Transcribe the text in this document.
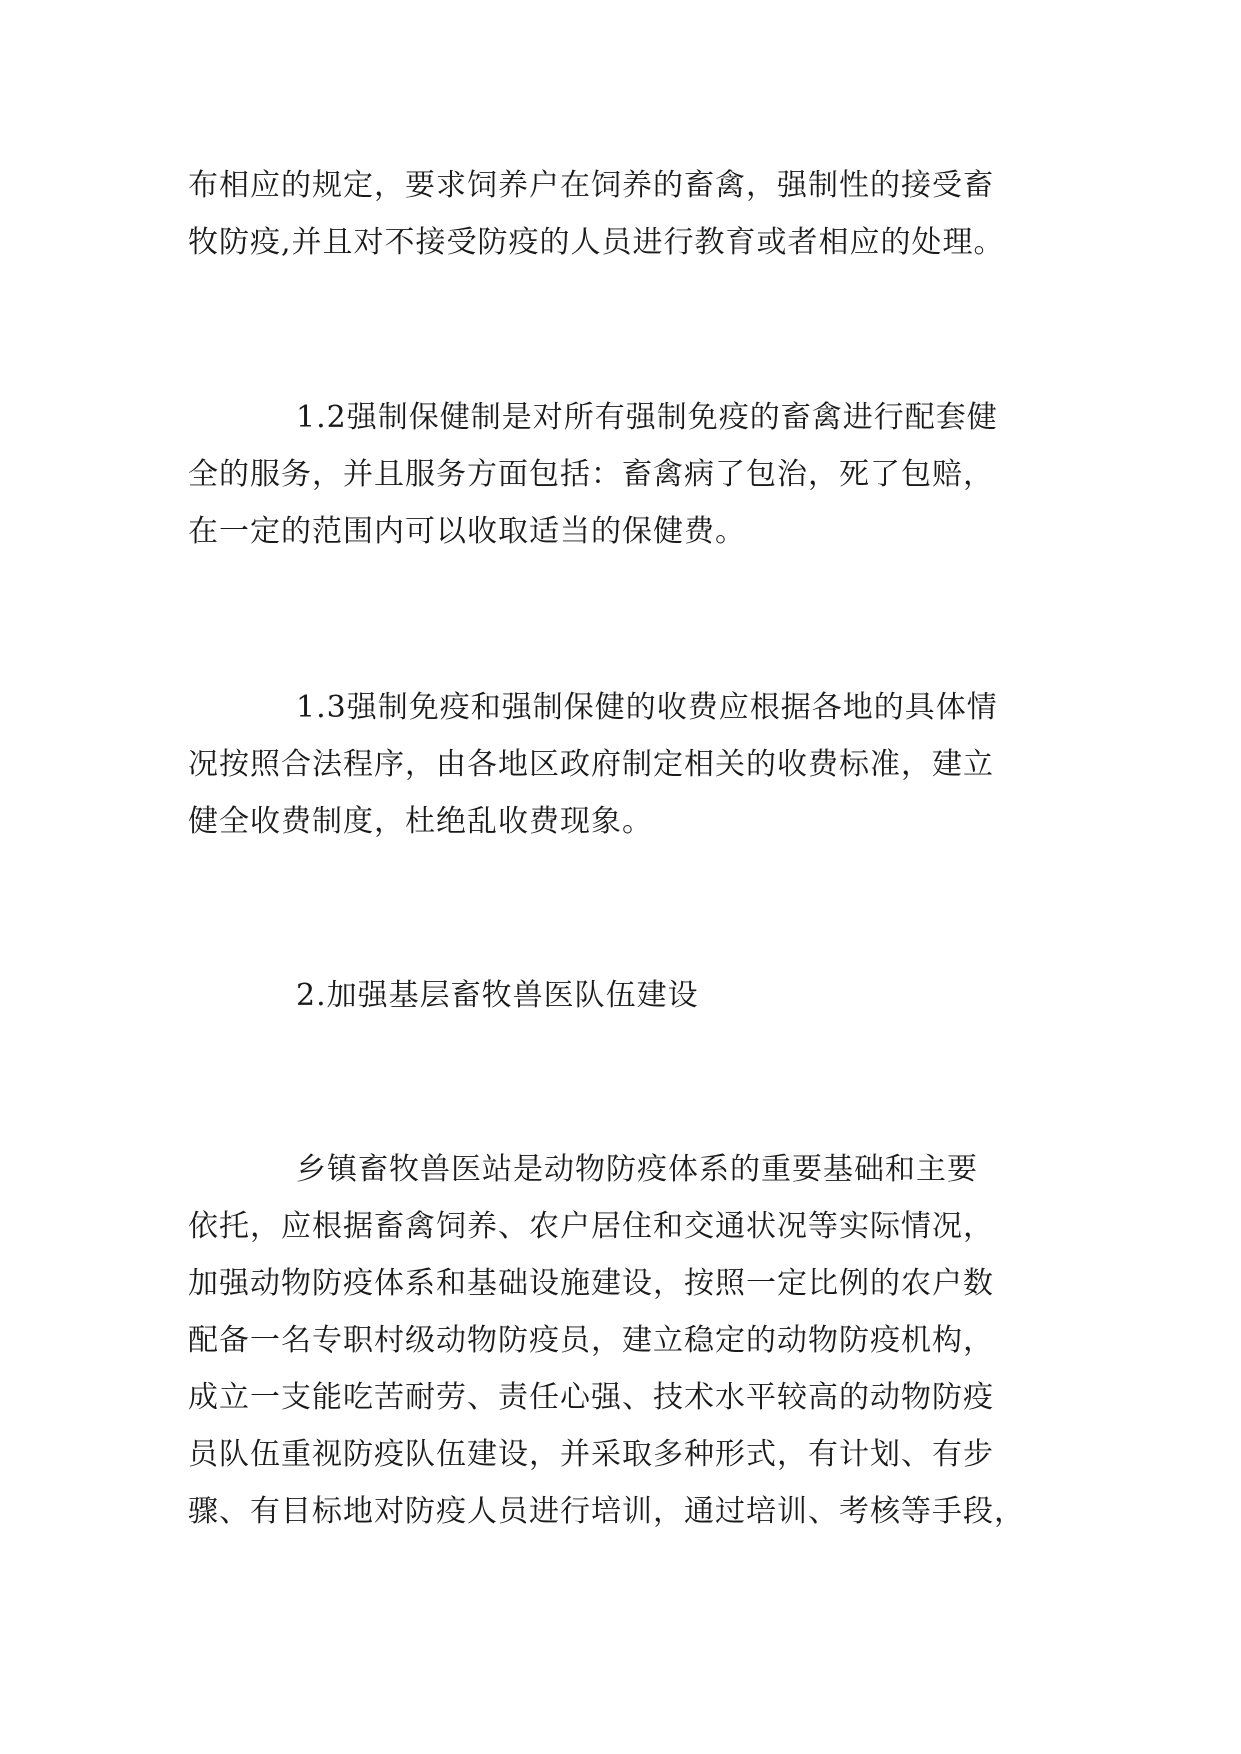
布相应的规定，要求饲养户在饲养的畜禽，强制性的接受畜
牧防疫,并且对不接受防疫的人员进行教育或者相应的处理。
1.2强制保健制是对所有强制免疫的畜禽进行配套健
全的服务，并且服务方面包括：畜禽病了包治，死了包赔，
在一定的范围内可以收取适当的保健费。
1.3强制免疫和强制保健的收费应根据各地的具体情
况按照合法程序，由各地区政府制定相关的收费标准，建立
健全收费制度，杜绝乱收费现象。
2.加强基层畜牧兽医队伍建设
乡镇畜牧兽医站是动物防疫体系的重要基础和主要
依托，应根据畜禽饲养、农户居住和交通状况等实际情况，
加强动物防疫体系和基础设施建设，按照一定比例的农户数
配备一名专职村级动物防疫员，建立稳定的动物防疫机构，
成立一支能吃苦耐劳、责任心强、技术水平较高的动物防疫
员队伍重视防疫队伍建设，并采取多种形式，有计划、有步
骤、有目标地对防疫人员进行培训，通过培训、考核等手段，
